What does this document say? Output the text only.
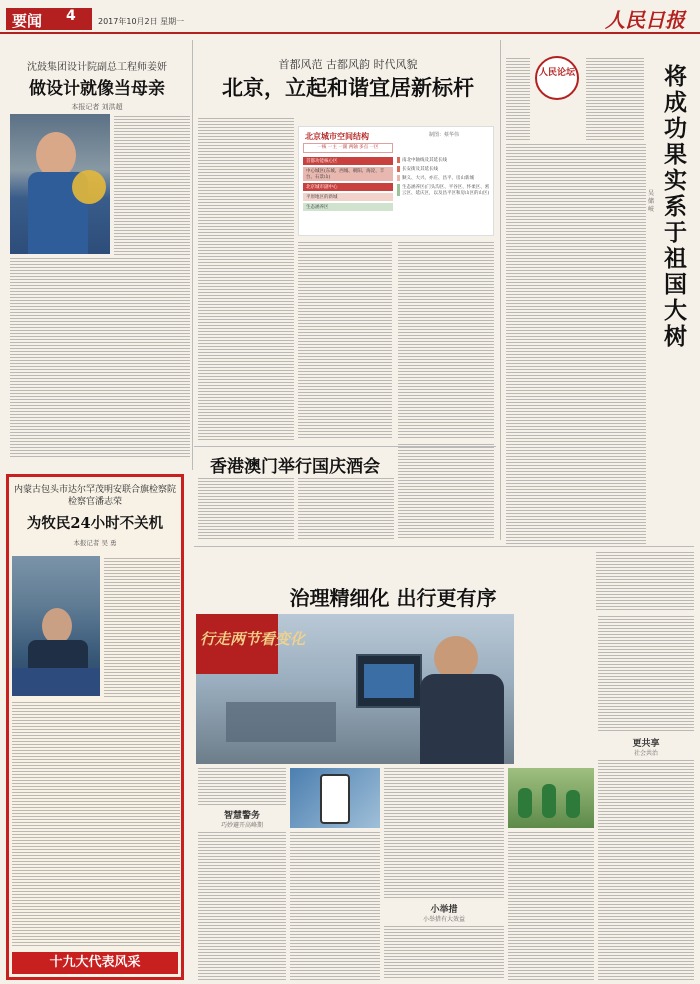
要闻	4	2017年10月2日 星期一	人民日报
沈鼓集团设计院副总工程师姜妍
做设计就像当母亲
本报记者 刘洪超
首都风范 古都风韵 时代风貌
北京，立起和谐宜居新标杆
北京城市空间结构	制图：蔡华伟
一核 一主 一副 两轴 多点 一区
首都功能核心区
中心城区(东城、西城、朝阳、海淀、丰台、石景山)
北京城市副中心
平原地区的新城
生态涵养区
南北中轴线及其延长线
长安街及其延长线
顺义、大兴、亦庄、昌平、房山新城
生态涵养区(门头沟区、平谷区、怀柔区、密云区、延庆区，以及昌平区和房山区的山区)
人民论坛	将成功果实系于祖国大树
吴储岐
香港澳门举行国庆酒会
内蒙古包头市达尔罕茂明安联合旗检察院检察官潘志荣
为牧民24小时不关机
本报记者 吴 勇
十九大代表风采
治理精细化 出行更有序
行走两节看变化
智慧警务
巧妙避开高峰期
小举措
小举措有大效益
更共享
社会共治
